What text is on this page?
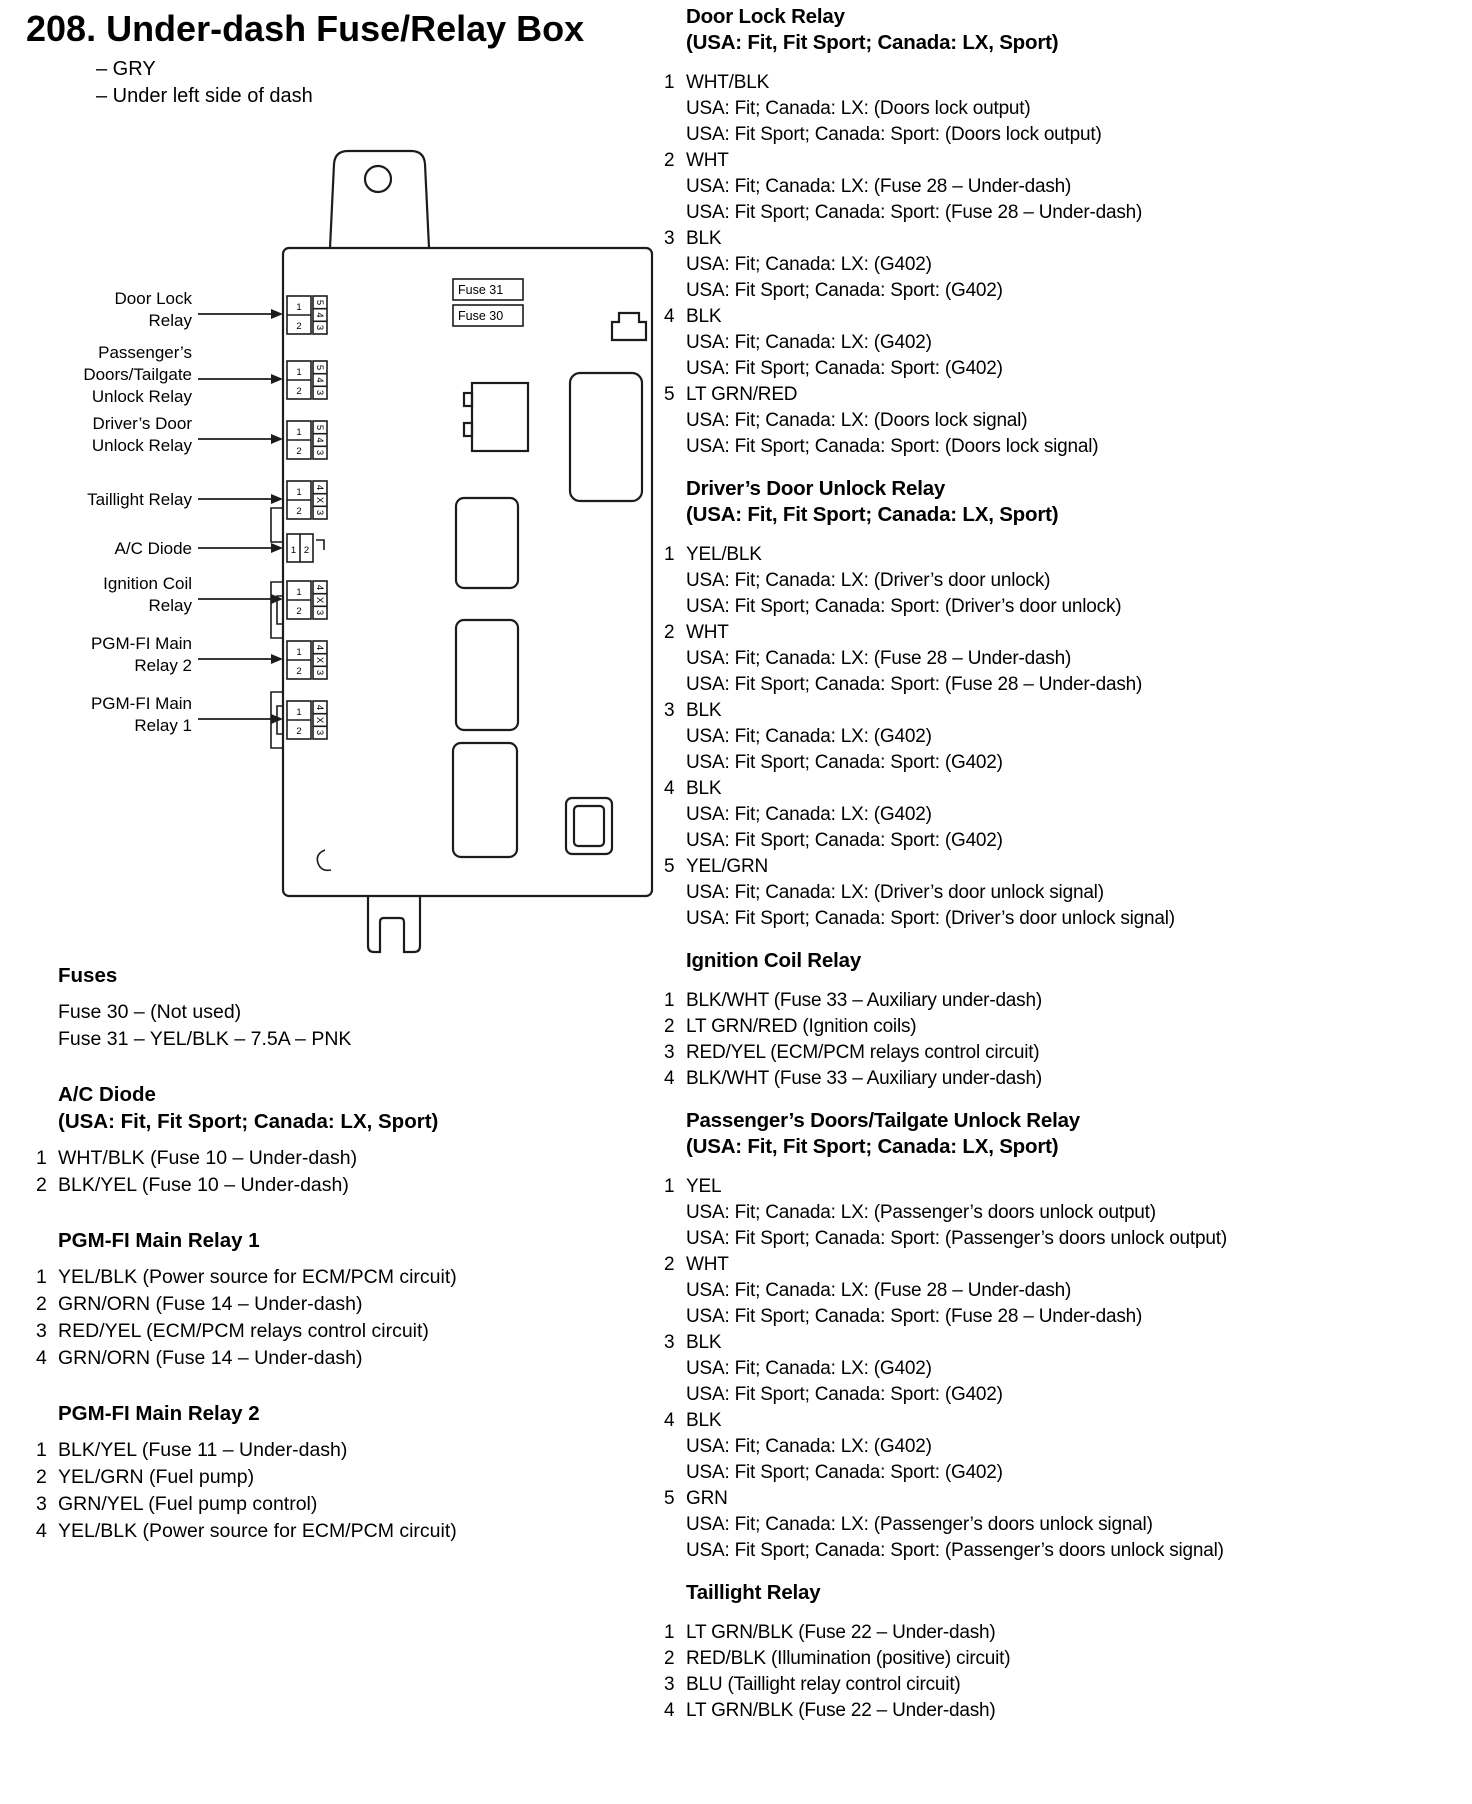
208. Under-dash Fuse/Relay Box
– GRY
– Under left side of dash
Fuse 31
Fuse 30
1
2
5
4
3
1
2
5
4
3
1
2
5
4
3
1
2
4
X
3
1 2
1
2
4
X
3
1
2
4
X
3
1
2
4
X
3
Door Lock
Relay
Passenger’s
Doors/Tailgate
Unlock Relay
Driver’s Door
Unlock Relay
Taillight Relay
A/C Diode
Ignition Coil
Relay
PGM-FI Main
Relay 2
PGM-FI Main
Relay 1
Fuses
Fuse 30 – (Not used)
Fuse 31 – YEL/BLK – 7.5A – PNK
A/C Diode
(USA: Fit, Fit Sport; Canada: LX, Sport)
1 WHT/BLK (Fuse 10 – Under-dash)
2 BLK/YEL (Fuse 10 – Under-dash)
PGM-FI Main Relay 1
1 YEL/BLK (Power source for ECM/PCM circuit)
2 GRN/ORN (Fuse 14 – Under-dash)
3 RED/YEL (ECM/PCM relays control circuit)
4 GRN/ORN (Fuse 14 – Under-dash)
PGM-FI Main Relay 2
1 BLK/YEL (Fuse 11 – Under-dash)
2 YEL/GRN (Fuel pump)
3 GRN/YEL (Fuel pump control)
4 YEL/BLK (Power source for ECM/PCM circuit)
Door Lock Relay
(USA: Fit, Fit Sport; Canada: LX, Sport)
1 WHT/BLK
USA: Fit; Canada: LX: (Doors lock output)
USA: Fit Sport; Canada: Sport: (Doors lock output)
2 WHT
USA: Fit; Canada: LX: (Fuse 28 – Under-dash)
USA: Fit Sport; Canada: Sport: (Fuse 28 – Under-dash)
3 BLK
USA: Fit; Canada: LX: (G402)
USA: Fit Sport; Canada: Sport: (G402)
4 BLK
USA: Fit; Canada: LX: (G402)
USA: Fit Sport; Canada: Sport: (G402)
5 LT GRN/RED
USA: Fit; Canada: LX: (Doors lock signal)
USA: Fit Sport; Canada: Sport: (Doors lock signal)
Driver’s Door Unlock Relay
(USA: Fit, Fit Sport; Canada: LX, Sport)
1 YEL/BLK
USA: Fit; Canada: LX: (Driver’s door unlock)
USA: Fit Sport; Canada: Sport: (Driver’s door unlock)
2 WHT
USA: Fit; Canada: LX: (Fuse 28 – Under-dash)
USA: Fit Sport; Canada: Sport: (Fuse 28 – Under-dash)
3 BLK
USA: Fit; Canada: LX: (G402)
USA: Fit Sport; Canada: Sport: (G402)
4 BLK
USA: Fit; Canada: LX: (G402)
USA: Fit Sport; Canada: Sport: (G402)
5 YEL/GRN
USA: Fit; Canada: LX: (Driver’s door unlock signal)
USA: Fit Sport; Canada: Sport: (Driver’s door unlock signal)
Ignition Coil Relay
1 BLK/WHT (Fuse 33 – Auxiliary under-dash)
2 LT GRN/RED (Ignition coils)
3 RED/YEL (ECM/PCM relays control circuit)
4 BLK/WHT (Fuse 33 – Auxiliary under-dash)
Passenger’s Doors/Tailgate Unlock Relay
(USA: Fit, Fit Sport; Canada: LX, Sport)
1 YEL
USA: Fit; Canada: LX: (Passenger’s doors unlock output)
USA: Fit Sport; Canada: Sport: (Passenger’s doors unlock output)
2 WHT
USA: Fit; Canada: LX: (Fuse 28 – Under-dash)
USA: Fit Sport; Canada: Sport: (Fuse 28 – Under-dash)
3 BLK
USA: Fit; Canada: LX: (G402)
USA: Fit Sport; Canada: Sport: (G402)
4 BLK
USA: Fit; Canada: LX: (G402)
USA: Fit Sport; Canada: Sport: (G402)
5 GRN
USA: Fit; Canada: LX: (Passenger’s doors unlock signal)
USA: Fit Sport; Canada: Sport: (Passenger’s doors unlock signal)
Taillight Relay
1 LT GRN/BLK (Fuse 22 – Under-dash)
2 RED/BLK (Illumination (positive) circuit)
3 BLU (Taillight relay control circuit)
4 LT GRN/BLK (Fuse 22 – Under-dash)
